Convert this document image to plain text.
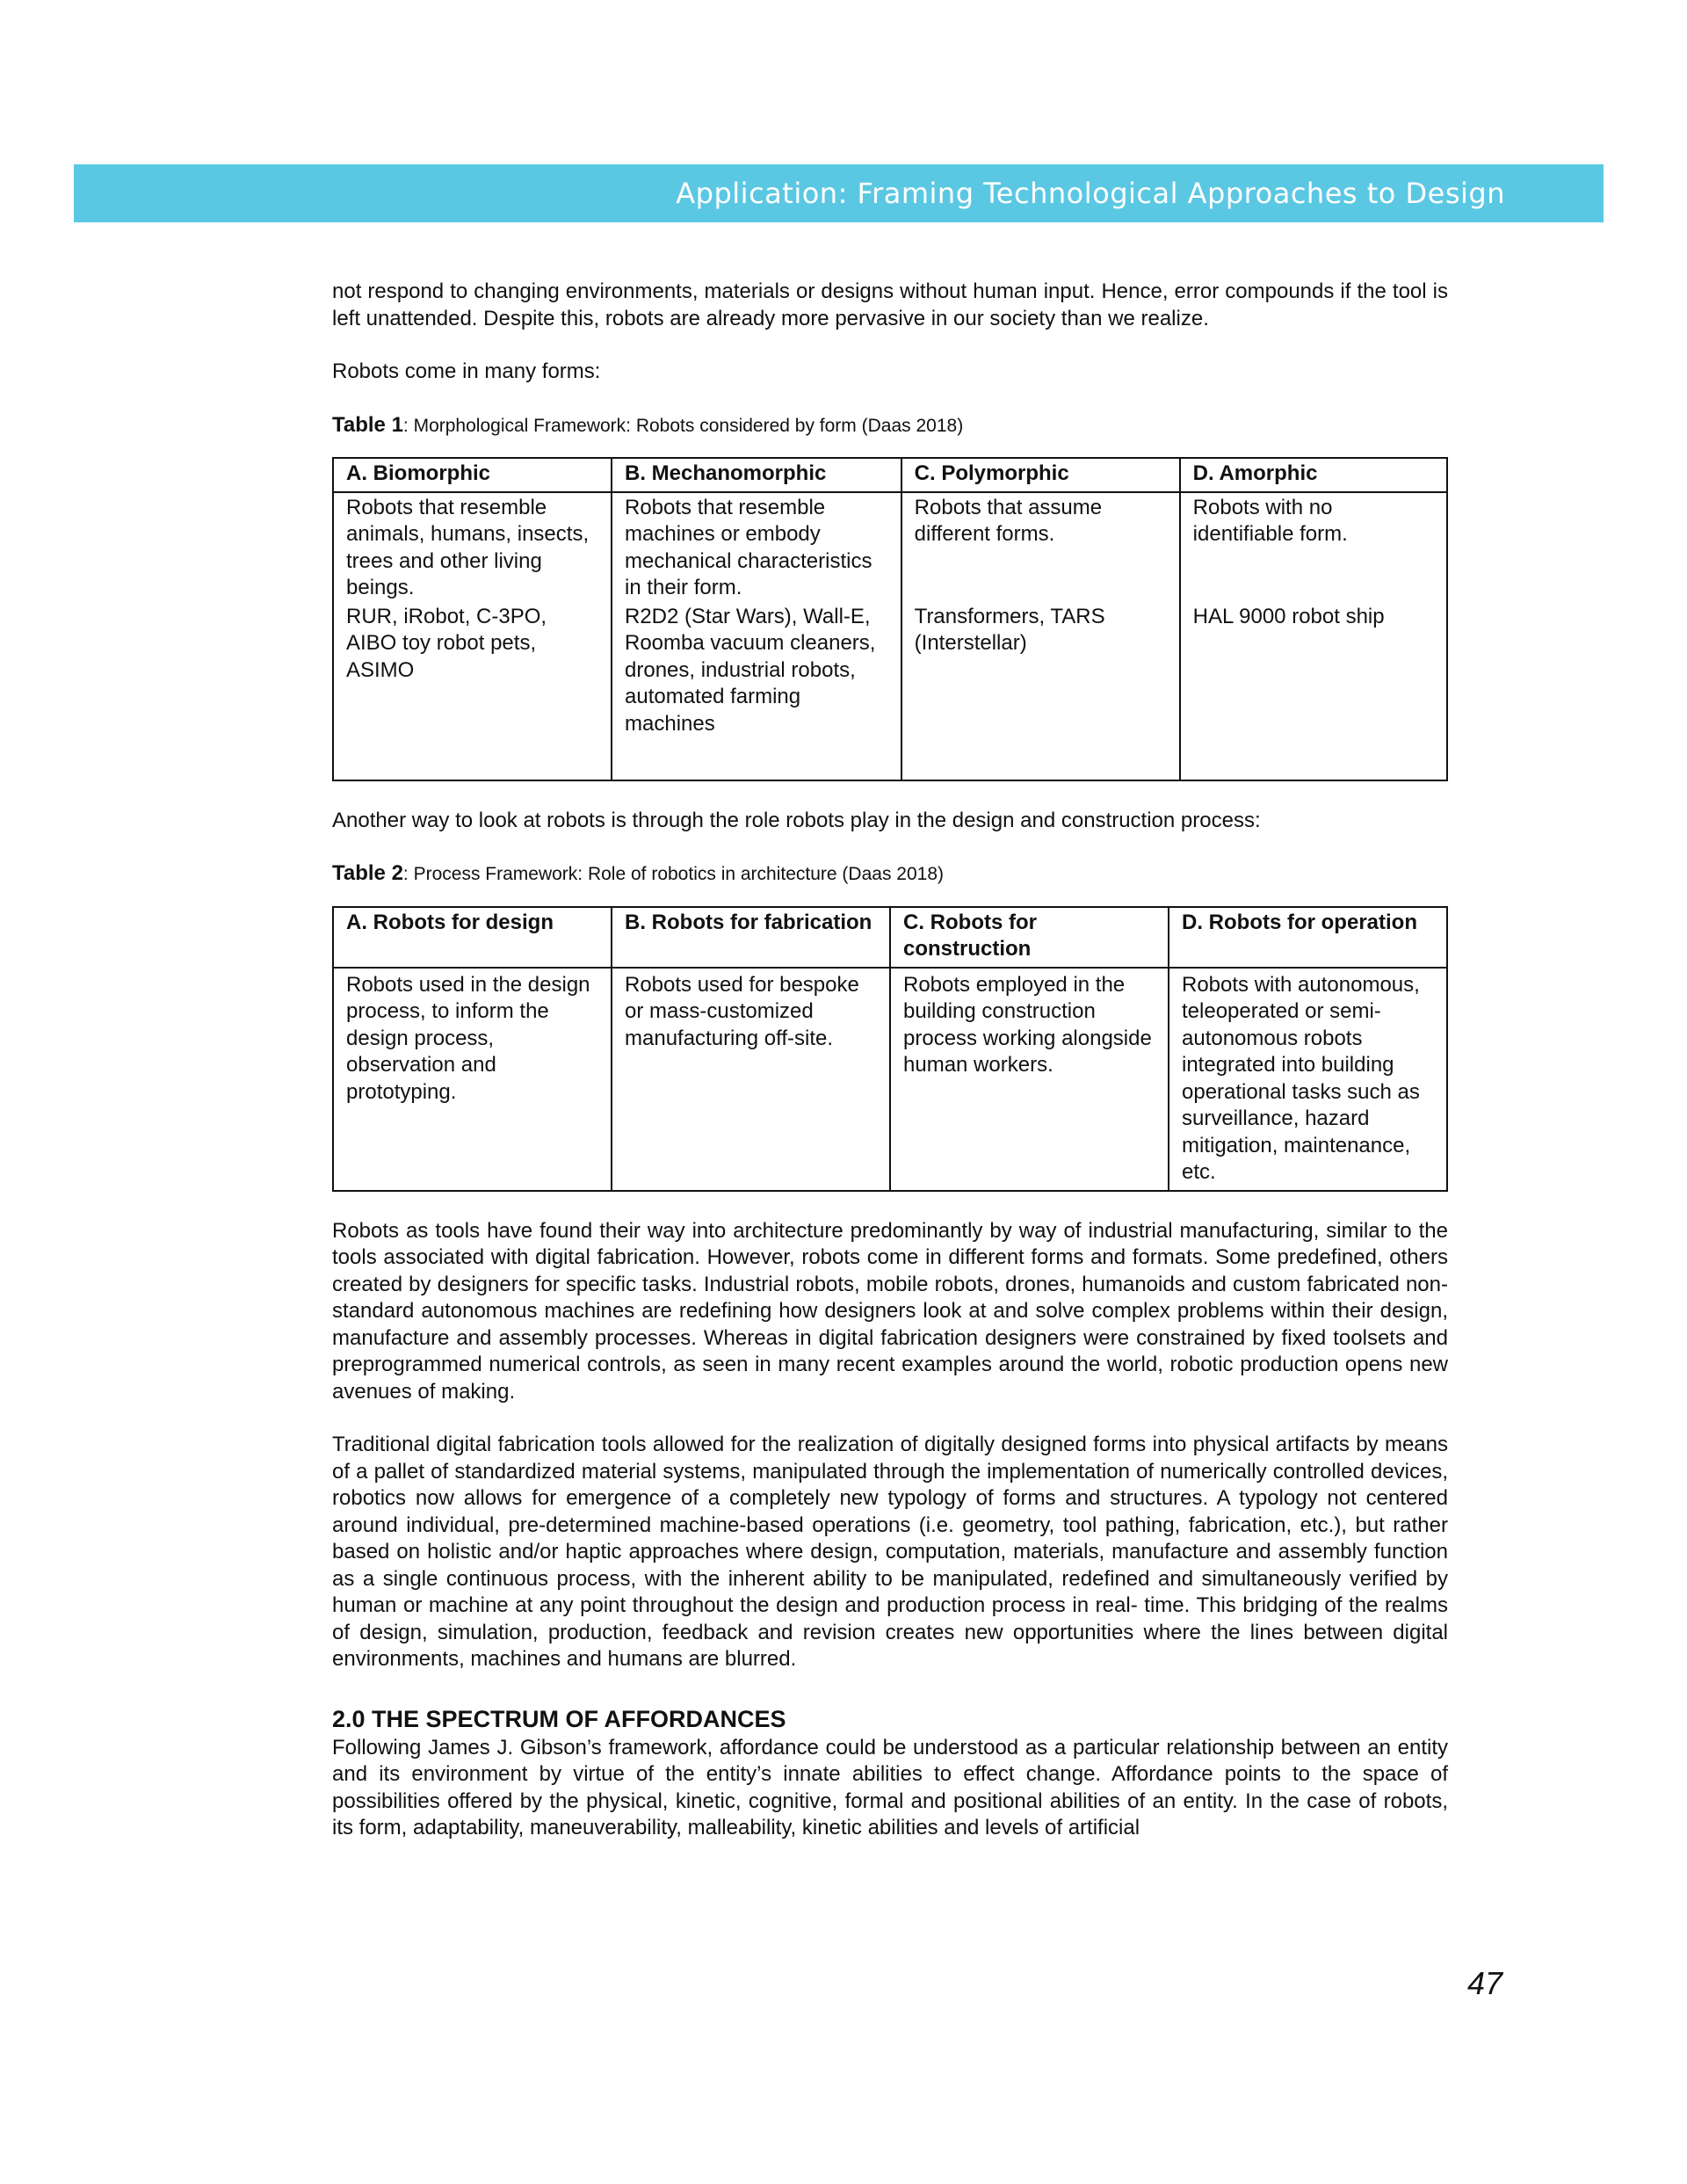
Application: Framing Technological Approaches to Design

not respond to changing environments, materials or designs without human input. Hence, error compounds if the tool is left unattended. Despite this, robots are already more pervasive in our society than we realize.

Robots come in many forms:

Table 1: Morphological Framework: Robots considered by form (Daas 2018)
A. Biomorphic	B. Mechanomorphic	C. Polymorphic	D. Amorphic
Robots that resemble animals, humans, insects, trees and other living beings.	Robots that resemble machines or embody mechanical characteristics in their form.	Robots that assume different forms.	Robots with no identifiable form.
RUR, iRobot, C-3PO, AIBO toy robot pets, ASIMO	R2D2 (Star Wars), Wall-E, Roomba vacuum cleaners, drones, industrial robots, automated farming machines	Transformers, TARS (Interstellar)	HAL 9000 robot ship

Another way to look at robots is through the role robots play in the design and construction process:

Table 2: Process Framework: Role of robotics in architecture (Daas 2018)
A. Robots for design	B. Robots for fabrication	C. Robots for construction	D. Robots for operation
Robots used in the design process, to inform the design process, observation and prototyping.	Robots used for bespoke or mass-customized manufacturing off-site.	Robots employed in the building construction process working alongside human workers.	Robots with autonomous, teleoperated or semi-autonomous robots integrated into building operational tasks such as surveillance, hazard mitigation, maintenance, etc.

Robots as tools have found their way into architecture predominantly by way of industrial manufacturing, similar to the tools associated with digital fabrication. However, robots come in different forms and formats. Some predefined, others created by designers for specific tasks. Industrial robots, mobile robots, drones, humanoids and custom fabricated non-standard autonomous machines are redefining how designers look at and solve complex problems within their design, manufacture and assembly processes. Whereas in digital fabrication designers were constrained by fixed toolsets and preprogrammed numerical controls, as seen in many recent examples around the world, robotic production opens new avenues of making.

Traditional digital fabrication tools allowed for the realization of digitally designed forms into physical artifacts by means of a pallet of standardized material systems, manipulated through the implementation of numerically controlled devices, robotics now allows for emergence of a completely new typology of forms and structures. A typology not centered around individual, pre-determined machine-based operations (i.e. geometry, tool pathing, fabrication, etc.), but rather based on holistic and/or haptic approaches where design, computation, materials, manufacture and assembly function as a single continuous process, with the inherent ability to be manipulated, redefined and simultaneously verified by human or machine at any point throughout the design and production process in real- time. This bridging of the realms of design, simulation, production, feedback and revision creates new opportunities where the lines between digital environments, machines and humans are blurred.

2.0 THE SPECTRUM OF AFFORDANCES

Following James J. Gibson’s framework, affordance could be understood as a particular relationship between an entity and its environment by virtue of the entity’s innate abilities to effect change. Affordance points to the space of possibilities offered by the physical, kinetic, cognitive, formal and positional abilities of an entity. In the case of robots, its form, adaptability, maneuverability, malleability, kinetic abilities and levels of artificial

47
